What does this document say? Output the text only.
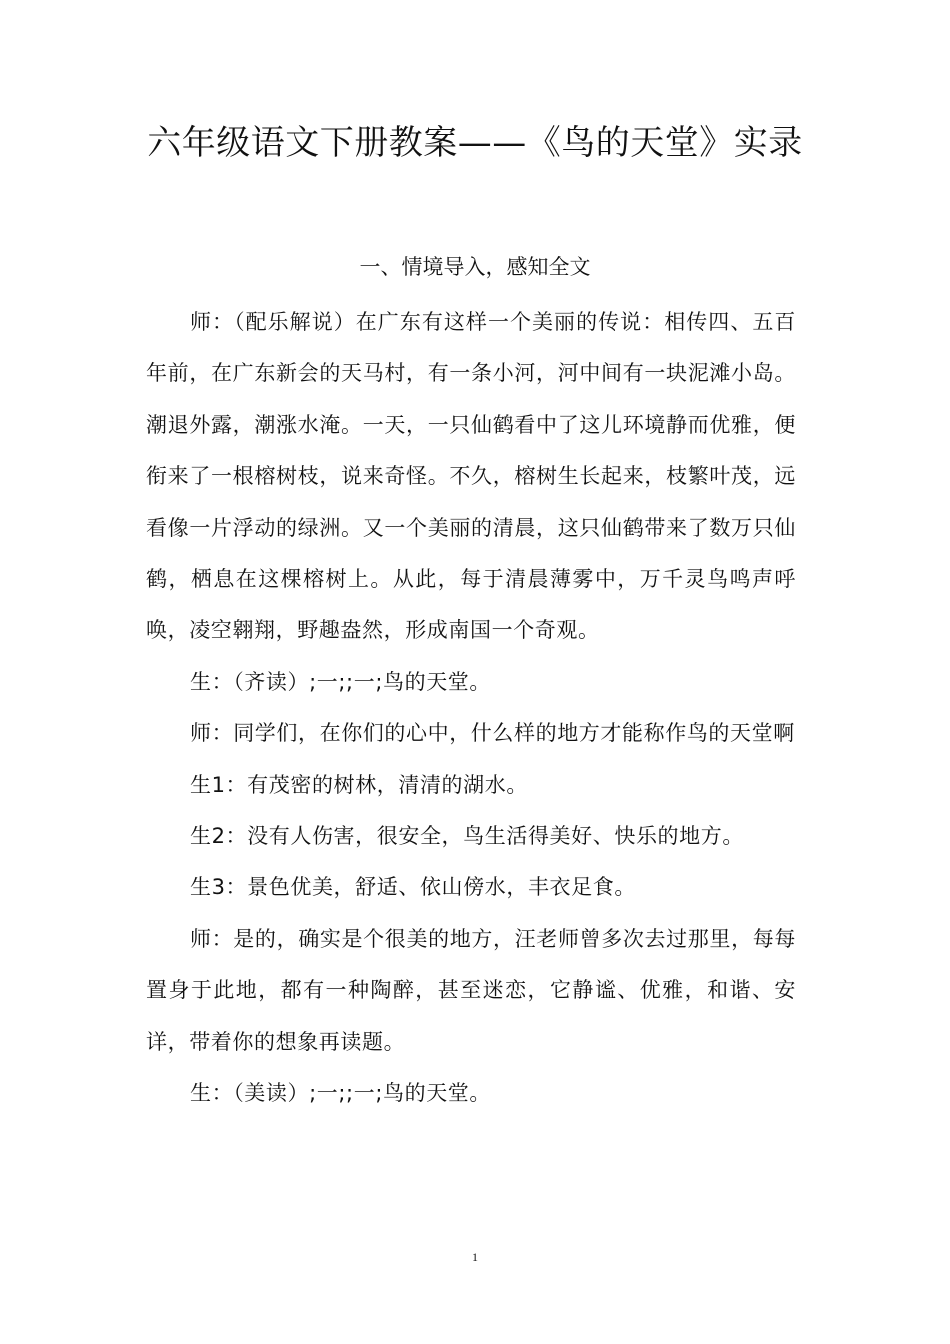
六年级语文下册教案——《鸟的天堂》实录
一、情境导入，感知全文

师：（配乐解说）在广东有这样一个美丽的传说：相传四、五百年前，在广东新会的天马村，有一条小河，河中间有一块泥滩小岛。潮退外露，潮涨水淹。一天，一只仙鹤看中了这儿环境静而优雅，便衔来了一根榕树枝，说来奇怪。不久，榕树生长起来，枝繁叶茂，远看像一片浮动的绿洲。又一个美丽的清晨，这只仙鹤带来了数万只仙鹤，栖息在这棵榕树上。从此，每于清晨薄雾中，万千灵鸟鸣声呼唤，凌空翱翔，野趣盎然，形成南国一个奇观。

生：（齐读）;一;;一;鸟的天堂。

师：同学们，在你们的心中，什么样的地方才能称作鸟的天堂啊

生1：有茂密的树林，清清的湖水。

生2：没有人伤害，很安全，鸟生活得美好、快乐的地方。

生3：景色优美，舒适、依山傍水，丰衣足食。

师：是的，确实是个很美的地方，汪老师曾多次去过那里，每每置身于此地，都有一种陶醉，甚至迷恋，它静谧、优雅，和谐、安详，带着你的想象再读题。

生：（美读）;一;;一;鸟的天堂。

1
